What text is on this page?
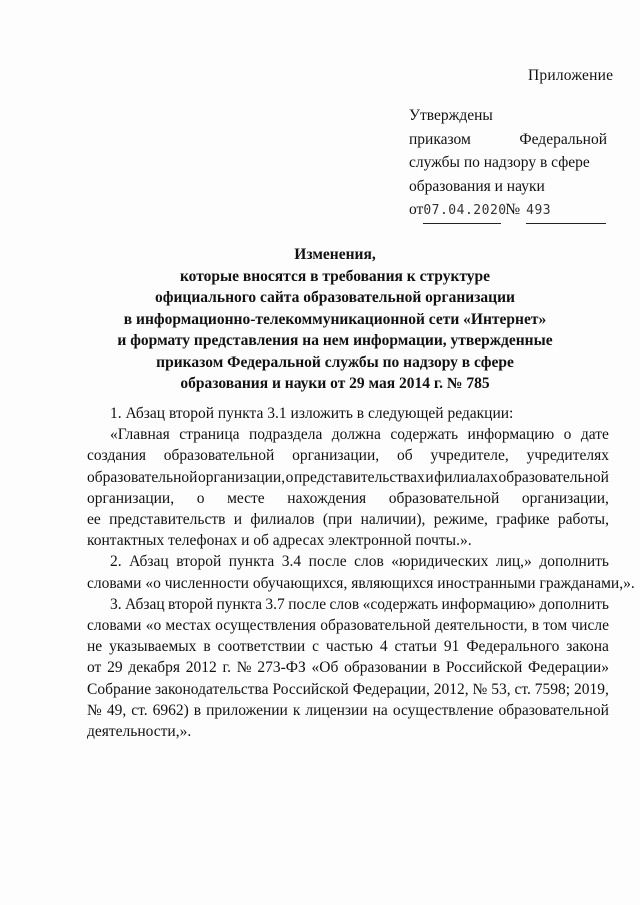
Приложение
Утверждены
приказом	Федеральной
службы по надзору в сфере
образования и науки
от 07.04.2020
№ 493
Изменения,
которые вносятся в требования к структуре
официального сайта образовательной организации
в информационно-телекоммуникационной сети «Интернет»
и формату представления на нем информации, утвержденные
приказом Федеральной службы по надзору в сфере
образования и науки от 29 мая 2014 г. № 785
1. Абзац второй пункта 3.1 изложить в следующей редакции:
«Главная страница подраздела должна содержать информацию о дате
создания образовательной организации, об учредителе, учредителях
образовательной организации, о представительствах и филиалах образовательной
организации, о месте нахождения образовательной организации,
ее представительств и филиалов (при наличии), режиме, графике работы,
контактных телефонах и об адресах электронной почты.».
2. Абзац второй пункта 3.4 после слов «юридических лиц,» дополнить
словами «о численности обучающихся, являющихся иностранными гражданами,».
3. Абзац второй пункта 3.7 после слов «содержать информацию» дополнить
словами «о местах осуществления образовательной деятельности, в том числе
не указываемых в соответствии с частью 4 статьи 91 Федерального закона
от 29 декабря 2012 г. № 273-ФЗ «Об образовании в Российской Федерации»
Собрание законодательства Российской Федерации, 2012, № 53, ст. 7598; 2019,
№ 49, ст. 6962) в приложении к лицензии на осуществление образовательной
деятельности,».
